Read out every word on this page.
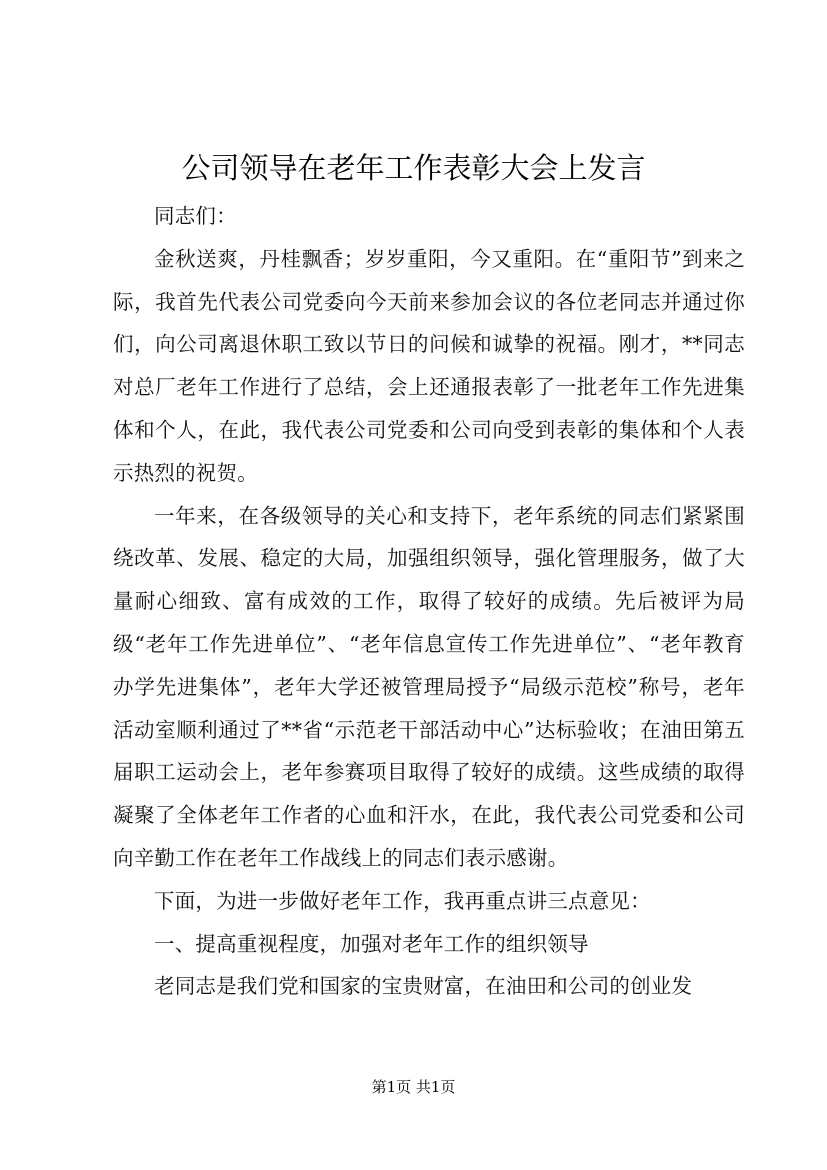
公司领导在老年工作表彰大会上发言

同志们：

金秋送爽，丹桂飘香；岁岁重阳，今又重阳。在“重阳节”到来之际，我首先代表公司党委向今天前来参加会议的各位老同志并通过你们，向公司离退休职工致以节日的问候和诚挚的祝福。刚才，**同志对总厂老年工作进行了总结，会上还通报表彰了一批老年工作先进集体和个人，在此，我代表公司党委和公司向受到表彰的集体和个人表示热烈的祝贺。

一年来，在各级领导的关心和支持下，老年系统的同志们紧紧围绕改革、发展、稳定的大局，加强组织领导，强化管理服务，做了大量耐心细致、富有成效的工作，取得了较好的成绩。先后被评为局级“老年工作先进单位”、“老年信息宣传工作先进单位”、“老年教育办学先进集体”，老年大学还被管理局授予“局级示范校”称号，老年活动室顺利通过了**省“示范老干部活动中心”达标验收；在油田第五届职工运动会上，老年参赛项目取得了较好的成绩。这些成绩的取得凝聚了全体老年工作者的心血和汗水，在此，我代表公司党委和公司向辛勤工作在老年工作战线上的同志们表示感谢。

下面，为进一步做好老年工作，我再重点讲三点意见：

一、提高重视程度，加强对老年工作的组织领导

老同志是我们党和国家的宝贵财富，在油田和公司的创业发

第1页 共1页
